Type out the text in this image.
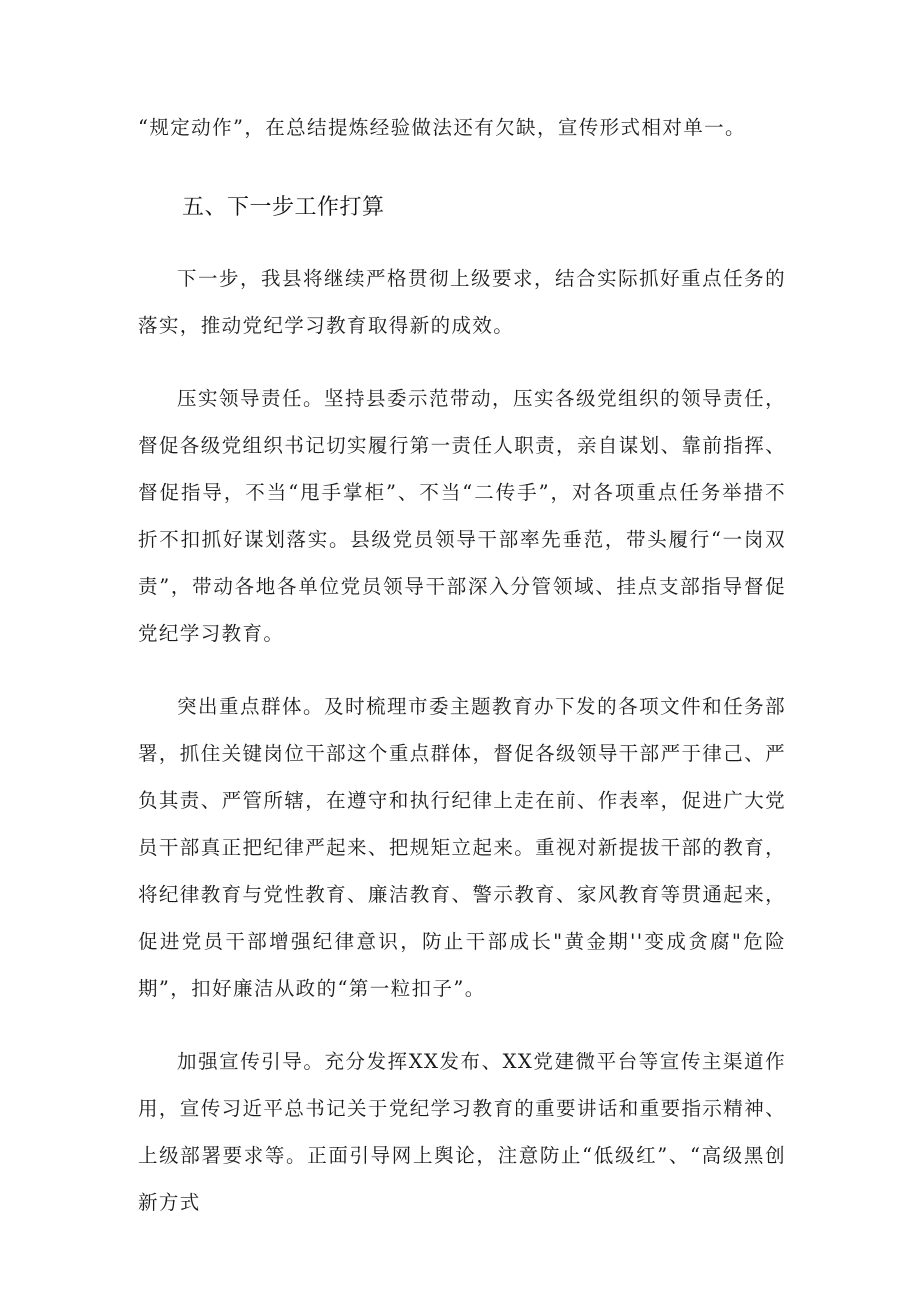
“规定动作”，在总结提炼经验做法还有欠缺，宣传形式相对单一。

五、下一步工作打算

下一步，我县将继续严格贯彻上级要求，结合实际抓好重点任务的落实，推动党纪学习教育取得新的成效。

压实领导责任。坚持县委示范带动，压实各级党组织的领导责任，督促各级党组织书记切实履行第一责任人职责，亲自谋划、靠前指挥、督促指导，不当“甩手掌柜”、不当“二传手”，对各项重点任务举措不折不扣抓好谋划落实。县级党员领导干部率先垂范，带头履行“一岗双责”，带动各地各单位党员领导干部深入分管领域、挂点支部指导督促党纪学习教育。

突出重点群体。及时梳理市委主题教育办下发的各项文件和任务部署，抓住关键岗位干部这个重点群体，督促各级领导干部严于律己、严负其责、严管所辖，在遵守和执行纪律上走在前、作表率，促进广大党员干部真正把纪律严起来、把规矩立起来。重视对新提拔干部的教育，将纪律教育与党性教育、廉洁教育、警示教育、家风教育等贯通起来，促进党员干部增强纪律意识，防止干部成长"黄金期''变成贪腐"危险期”，扣好廉洁从政的“第一粒扣子”。

加强宣传引导。充分发挥XX发布、XX党建微平台等宣传主渠道作用，宣传习近平总书记关于党纪学习教育的重要讲话和重要指示精神、上级部署要求等。正面引导网上舆论，注意防止“低级红”、“高级黑创新方式
